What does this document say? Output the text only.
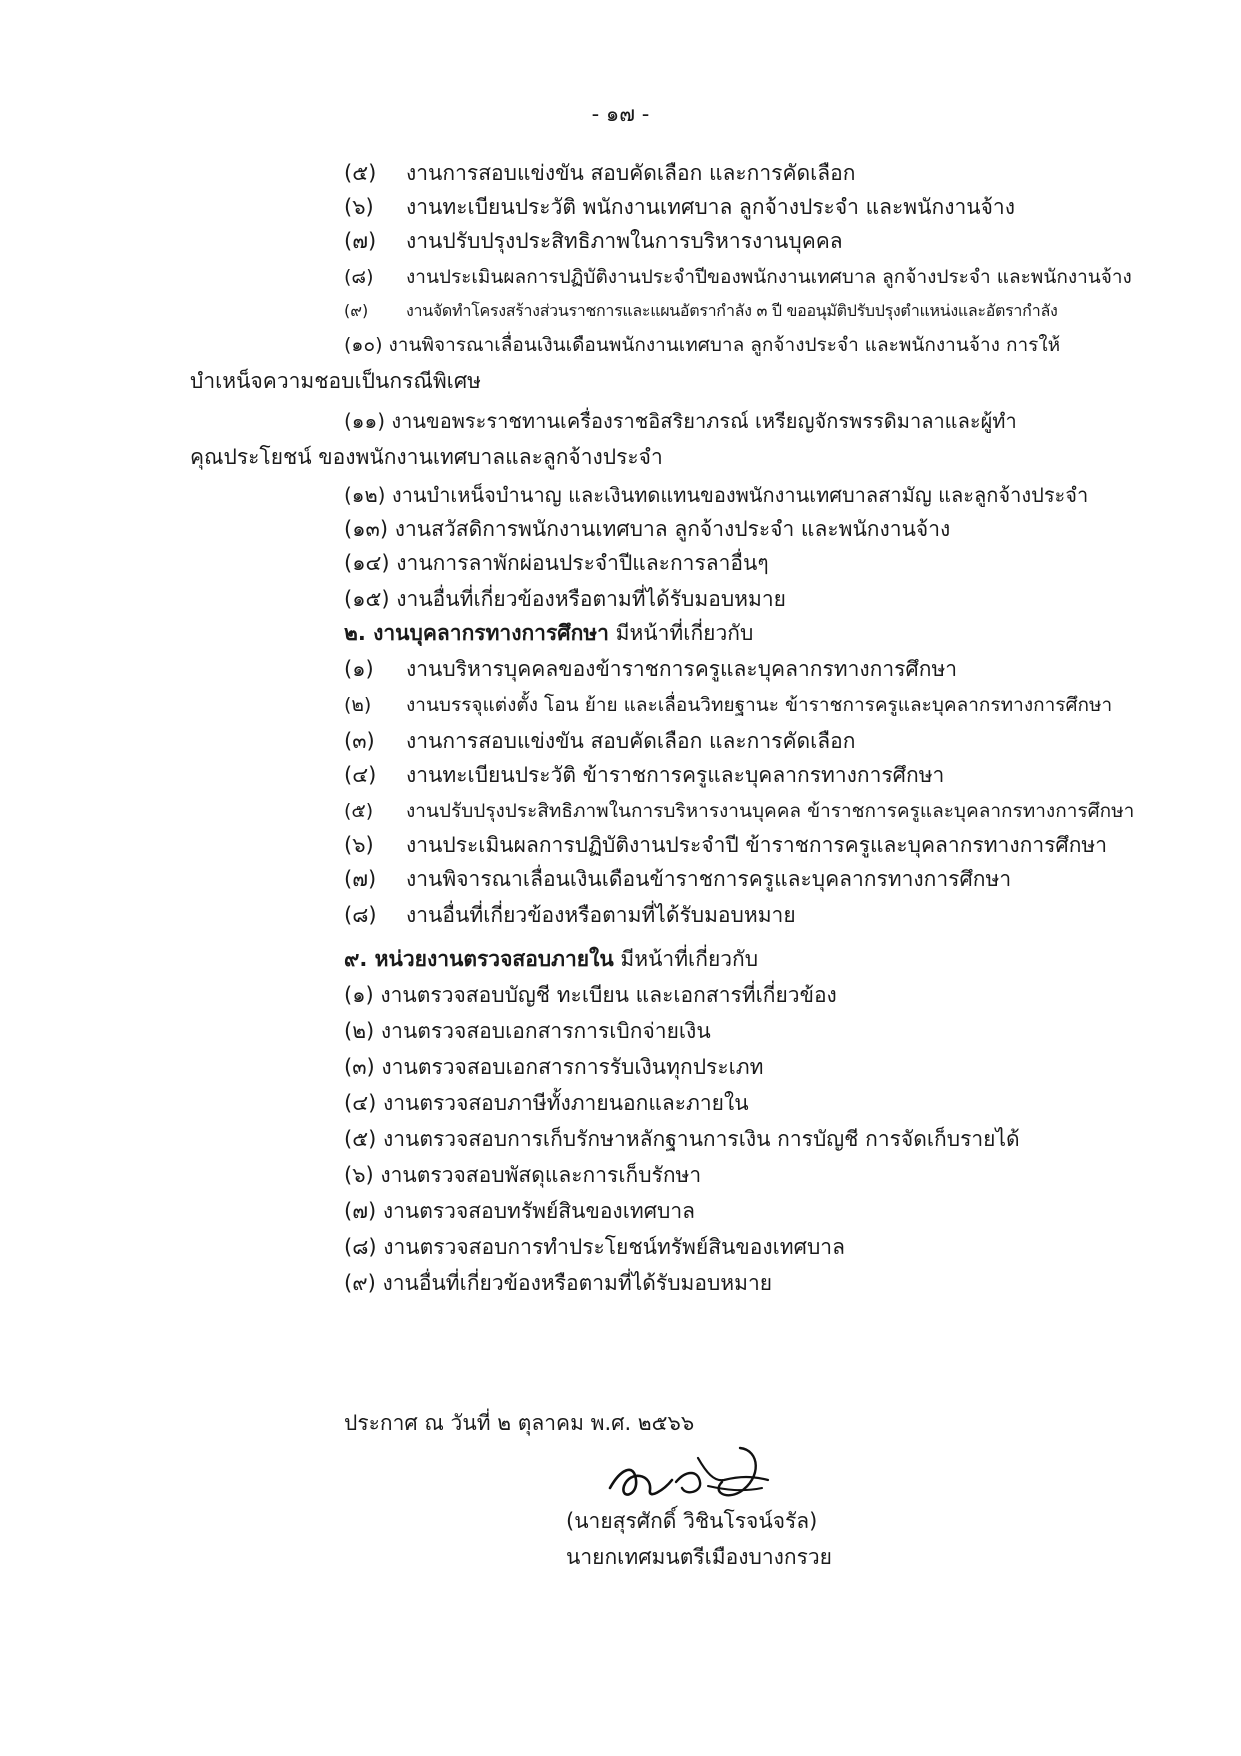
- ๑๗ -
(๕) งานการสอบแข่งขัน สอบคัดเลือก และการคัดเลือก
(๖) งานทะเบียนประวัติ พนักงานเทศบาล ลูกจ้างประจำ และพนักงานจ้าง
(๗) งานปรับปรุงประสิทธิภาพในการบริหารงานบุคคล
(๘) งานประเมินผลการปฏิบัติงานประจำปีของพนักงานเทศบาล ลูกจ้างประจำ และพนักงานจ้าง
(๙) งานจัดทำโครงสร้างส่วนราชการและแผนอัตรากำลัง ๓ ปี ขออนุมัติปรับปรุงตำแหน่งและอัตรากำลัง
(๑๐) งานพิจารณาเลื่อนเงินเดือนพนักงานเทศบาล ลูกจ้างประจำ และพนักงานจ้าง การให้
บำเหน็จความชอบเป็นกรณีพิเศษ
(๑๑) งานขอพระราชทานเครื่องราชอิสริยาภรณ์ เหรียญจักรพรรดิมาลาและผู้ทำ
คุณประโยชน์ ของพนักงานเทศบาลและลูกจ้างประจำ
(๑๒) งานบำเหน็จบำนาญ และเงินทดแทนของพนักงานเทศบาลสามัญ และลูกจ้างประจำ
(๑๓) งานสวัสดิการพนักงานเทศบาล ลูกจ้างประจำ และพนักงานจ้าง
(๑๔) งานการลาพักผ่อนประจำปีและการลาอื่นๆ
(๑๕) งานอื่นที่เกี่ยวข้องหรือตามที่ได้รับมอบหมาย
๒. งานบุคลากรทางการศึกษา มีหน้าที่เกี่ยวกับ
(๑) งานบริหารบุคคลของข้าราชการครูและบุคลากรทางการศึกษา
(๒) งานบรรจุแต่งตั้ง โอน ย้าย และเลื่อนวิทยฐานะ ข้าราชการครูและบุคลากรทางการศึกษา
(๓) งานการสอบแข่งขัน สอบคัดเลือก และการคัดเลือก
(๔) งานทะเบียนประวัติ ข้าราชการครูและบุคลากรทางการศึกษา
(๕) งานปรับปรุงประสิทธิภาพในการบริหารงานบุคคล ข้าราชการครูและบุคลากรทางการศึกษา
(๖) งานประเมินผลการปฏิบัติงานประจำปี ข้าราชการครูและบุคลากรทางการศึกษา
(๗) งานพิจารณาเลื่อนเงินเดือนข้าราชการครูและบุคลากรทางการศึกษา
(๘) งานอื่นที่เกี่ยวข้องหรือตามที่ได้รับมอบหมาย
๙. หน่วยงานตรวจสอบภายใน มีหน้าที่เกี่ยวกับ
(๑) งานตรวจสอบบัญชี ทะเบียน และเอกสารที่เกี่ยวข้อง
(๒) งานตรวจสอบเอกสารการเบิกจ่ายเงิน
(๓) งานตรวจสอบเอกสารการรับเงินทุกประเภท
(๔) งานตรวจสอบภาษีทั้งภายนอกและภายใน
(๕) งานตรวจสอบการเก็บรักษาหลักฐานการเงิน การบัญชี การจัดเก็บรายได้
(๖) งานตรวจสอบพัสดุและการเก็บรักษา
(๗) งานตรวจสอบทรัพย์สินของเทศบาล
(๘) งานตรวจสอบการทำประโยชน์ทรัพย์สินของเทศบาล
(๙) งานอื่นที่เกี่ยวข้องหรือตามที่ได้รับมอบหมาย
ประกาศ ณ วันที่ ๒ ตุลาคม พ.ศ. ๒๕๖๖
(นายสุรศักดิ์ วิชินโรจน์จรัล)
นายกเทศมนตรีเมืองบางกรวย
